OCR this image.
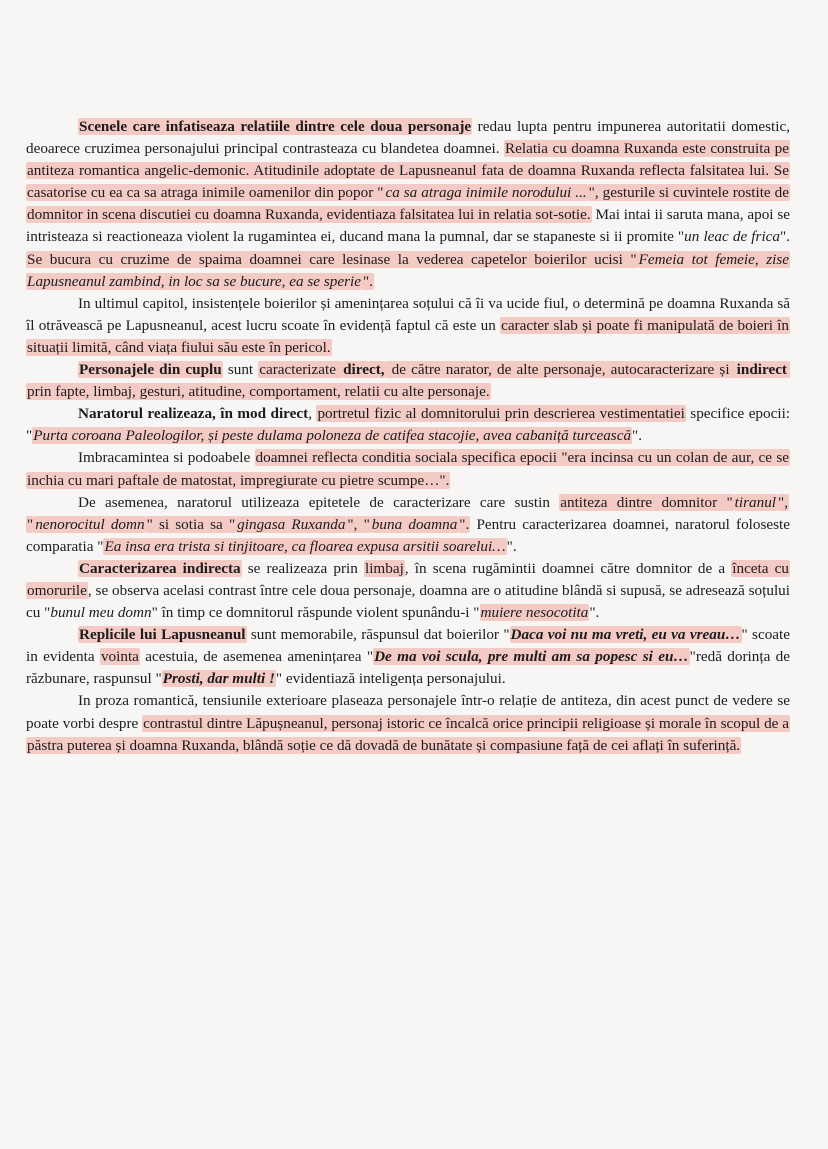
Scenele care infatiseaza relatiile dintre cele doua personaje redau lupta pentru impunerea autoritatii domestic, deoarece cruzimea personajului principal contrasteaza cu blandetea doamnei. Relatia cu doamna Ruxanda este construita pe antiteza romantica angelic-demonic. Atitudinile adoptate de Lapusneanul fata de doamna Ruxanda reflecta falsitatea lui. Se casatorise cu ea ca sa atraga inimile oamenilor din popor " ca sa atraga inimile norodului ... ", gesturile si cuvintele rostite de domnitor in scena discutiei cu doamna Ruxanda, evidentiaza falsitatea lui in relatia sot-sotie. Mai intai ii saruta mana, apoi se intristeaza si reactioneaza violent la rugamintea ei, ducand mana la pumnal, dar se stapaneste si ii promite "un leac de frica". Se bucura cu cruzime de spaima doamnei care lesinase la vederea capetelor boierilor ucisi " Femeia tot femeie, zise Lapusneanul zambind, in loc sa se bucure, ea se sperie ".

In ultimul capitol, insistențele boierilor și amenințarea soțului că îi va ucide fiul, o determină pe doamna Ruxanda să îl otrăvească pe Lapusneanul, acest lucru scoate în evidență faptul că este un caracter slab și poate fi manipulată de boieri în situații limită, când viața fiului său este în pericol.

Personajele din cuplu sunt caracterizate direct, de către narator, de alte personaje, autocaracterizare și indirect prin fapte, limbaj, gesturi, atitudine, comportament, relatii cu alte personaje.

Naratorul realizeaza, în mod direct, portretul fizic al domnitorului prin descrierea vestimentatiei specifice epocii: "Purta coroana Paleologilor, și peste dulama poloneza de catifea stacojie, avea cabaniță turcească".

Imbracamintea si podoabele doamnei reflecta conditia sociala specifica epocii "era incinsa cu un colan de aur, ce se inchia cu mari paftale de matostat, impregiurate cu pietre scumpe…".

De asemenea, naratorul utilizeaza epitetele de caracterizare care sustin antiteza dintre domnitor " tiranul ", " nenorocitul domn " si sotia sa " gingasa Ruxanda ", " buna doamna ". Pentru caracterizarea doamnei, naratorul foloseste comparatia "Ea insa era trista si tinjitoare, ca floarea expusa arsitii soarelui…".

Caracterizarea indirecta se realizeaza prin limbaj, în scena rugămintii doamnei către domnitor de a înceta cu omorurile, se observa acelasi contrast între cele doua personaje, doamna are o atitudine blândă si supusă, se adresează soțului cu "bunul meu domn" în timp ce domnitorul răspunde violent spunându-i "muiere nesocotita".

Replicile lui Lapusneanul sunt memorabile, răspunsul dat boierilor "Daca voi nu ma vreti, eu va vreau…" scoate in evidenta vointa acestuia, de asemenea amenințarea "De ma voi scula, pre multi am sa popesc si eu…"redă dorința de răzbunare, raspunsul "Prosti, dar multi !" evidentiază inteligența personajului.

In proza romantică, tensiunile exterioare plaseaza personajele într-o relație de antiteza, din acest punct de vedere se poate vorbi despre contrastul dintre Lăpușneanul, personaj istoric ce încalcă orice principii religioase și morale în scopul de a păstra puterea și doamna Ruxanda, blândă soție ce dă dovadă de bunătate și compasiune față de cei aflați în suferință.
